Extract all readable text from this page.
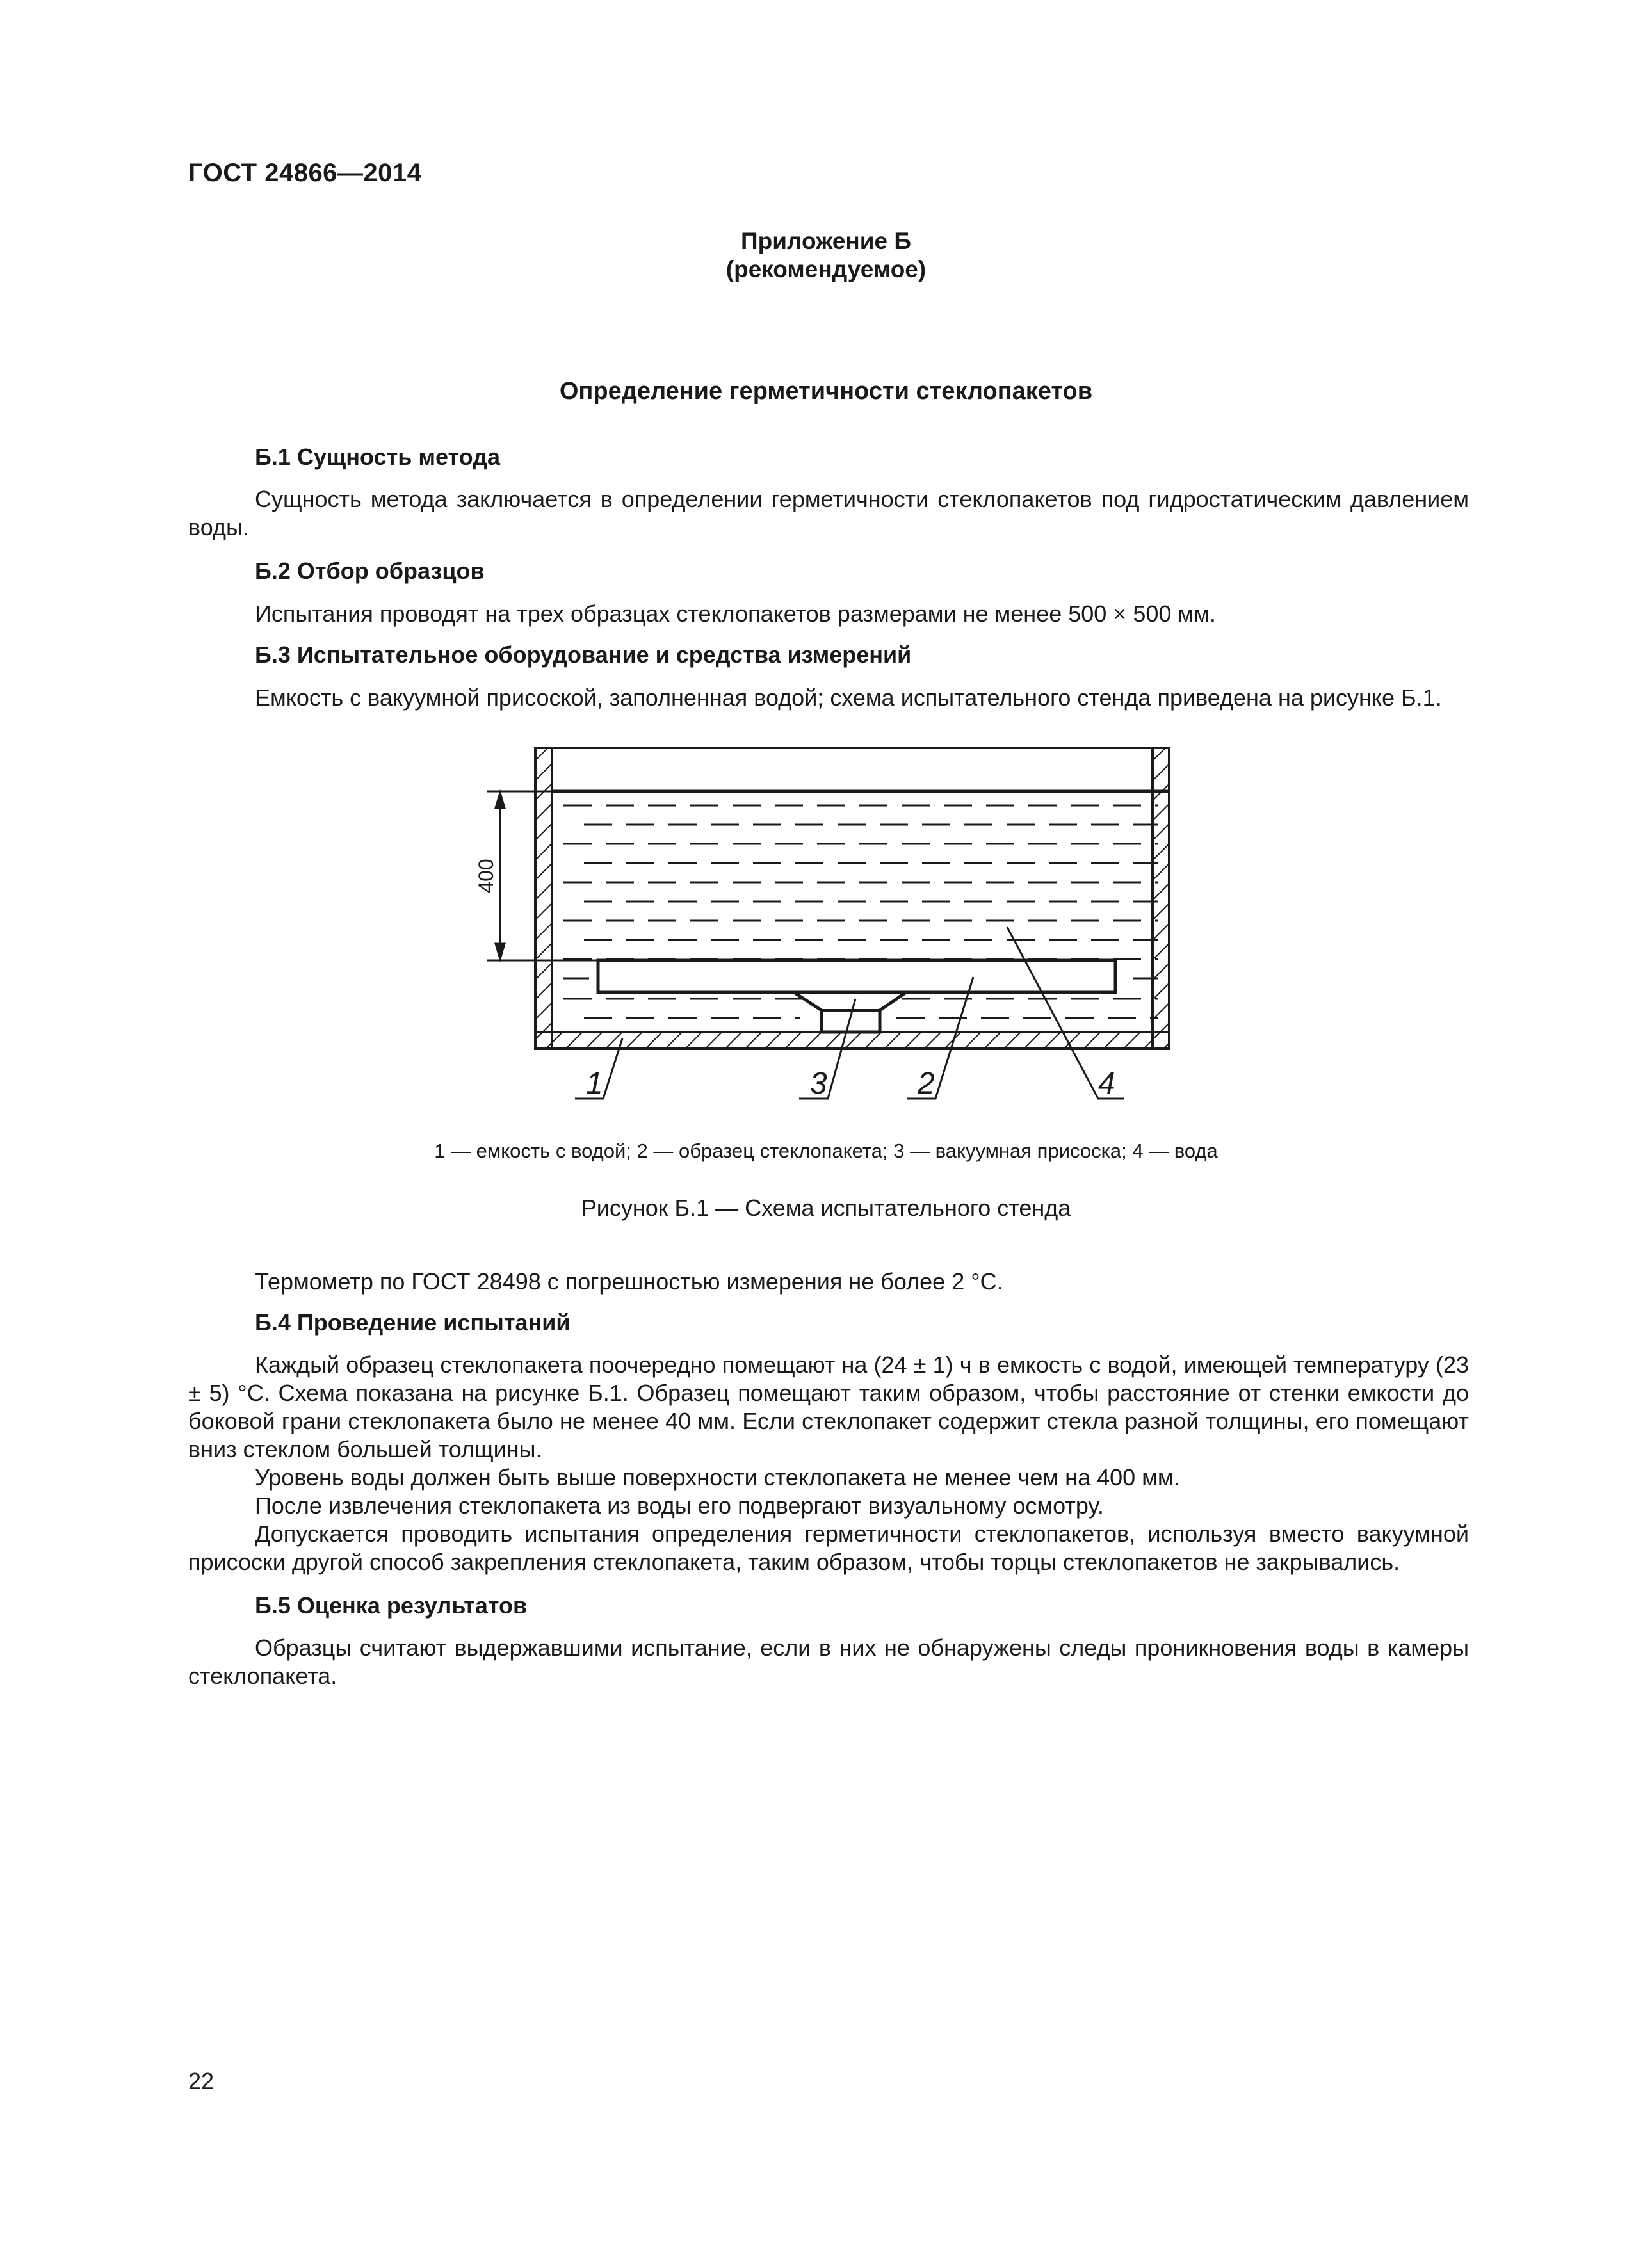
ГОСТ 24866—2014
Приложение Б
(рекомендуемое)
Определение герметичности стеклопакетов
Б.1 Сущность метода
Сущность метода заключается в определении герметичности стеклопакетов под гидростатическим давлением воды.
Б.2 Отбор образцов
Испытания проводят на трех образцах стеклопакетов размерами не менее 500 × 500 мм.
Б.3 Испытательное оборудование и средства измерений
Емкость с вакуумной присоской, заполненная водой; схема испытательного стенда приведена на рисунке Б.1.
400
1	3	2	4
1 — емкость с водой; 2 — образец стеклопакета; 3 — вакуумная присоска; 4 — вода
Рисунок Б.1 — Схема испытательного стенда
Термометр по ГОСТ 28498 с погрешностью измерения не более 2 °С.
Б.4 Проведение испытаний
Каждый образец стеклопакета поочередно помещают на (24 ± 1) ч в емкость с водой, имеющей температуру (23 ± 5) °С. Схема показана на рисунке Б.1. Образец помещают таким образом, чтобы расстояние от стенки емкости до боковой грани стеклопакета было не менее 40 мм. Если стеклопакет содержит стекла разной толщины, его помещают вниз стеклом большей толщины.
Уровень воды должен быть выше поверхности стеклопакета не менее чем на 400 мм.
После извлечения стеклопакета из воды его подвергают визуальному осмотру.
Допускается проводить испытания определения герметичности стеклопакетов, используя вместо вакуумной присоски другой способ закрепления стеклопакета, таким образом, чтобы торцы стеклопакетов не закрывались.
Б.5 Оценка результатов
Образцы считают выдержавшими испытание, если в них не обнаружены следы проникновения воды в камеры стеклопакета.
22
